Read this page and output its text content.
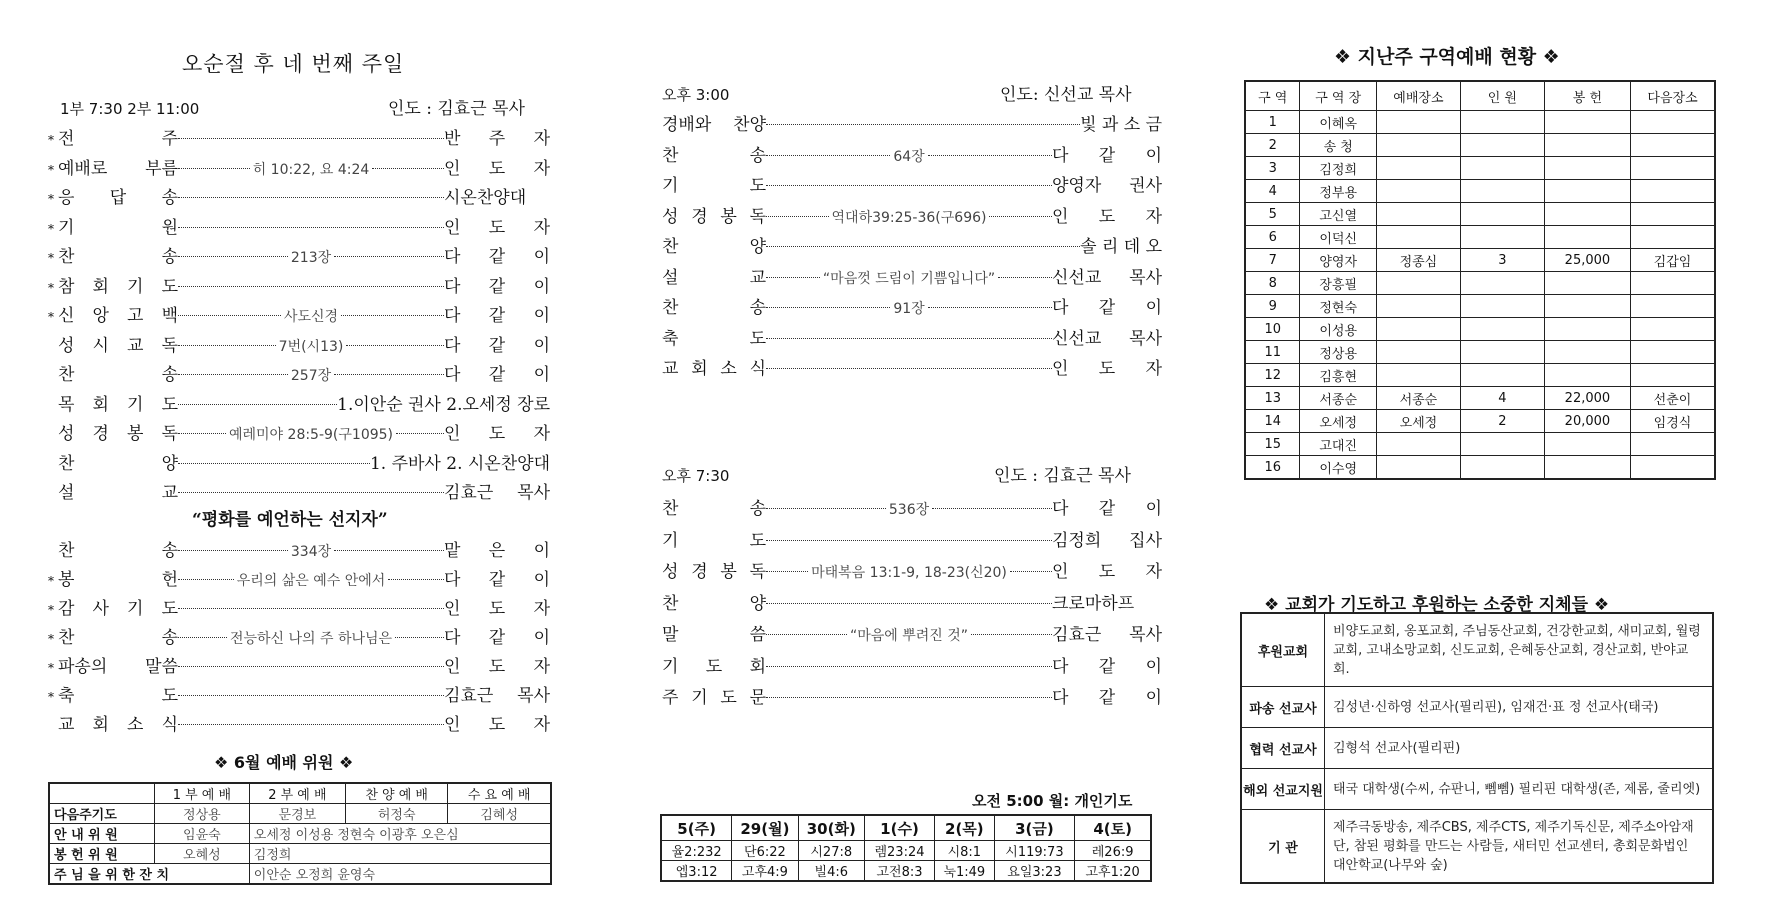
오순절 후 네 번째 주일
1부 7:30 2부 11:00	인도 : 김효근 목사
* 전 주	반 주 자
* 예배로 부름	히 10:22, 요 4:24	인 도 자
* 응 답 송	시온찬양대
* 기 원	인 도 자
* 찬 송	213장	다 같 이
* 참 회 기 도	다 같 이
* 신 앙 고 백	사도신경	다 같 이
성 시 교 독	7번(시13)	다 같 이
찬 송	257장	다 같 이
목 회 기 도	1.이안순 권사 2.오세정 장로
성 경 봉 독	예레미야 28:5-9(구1095)	인 도 자
찬 양	1. 주바사 2. 시온찬양대
설 교	김효근 목사
“평화를 예언하는 선지자”
찬 송	334장	맡 은 이
* 봉 헌	우리의 삶은 예수 안에서	다 같 이
* 감 사 기 도	인 도 자
* 찬 송	전능하신 나의 주 하나님은	다 같 이
* 파송의 말씀	인 도 자
* 축 도	김효근 목사
교 회 소 식	인 도 자
❖ 6월 예배 위원 ❖
	1 부 예 배	2 부 예 배	찬 양 예 배	수 요 예 배
다음주기도	정상용	문경보	허정숙	김혜성
안 내 위 원	임윤숙	오세정 이성용 정현숙 이광후 오은심		
봉 헌 위 원	오혜성	김정희		
주 님 을 위 한 잔 치		이안순 오정희 윤영숙		
오후 3:00	인도: 신선교 목사
경배와 찬양	빛 과 소 금
찬 송	64장	다 같 이
기 도	양영자 권사
성 경 봉 독	역대하39:25-36(구696)	인 도 자
찬 양	솔 리 데 오
설 교	“마음껏 드림이 기쁨입니다”	신선교 목사
찬 송	91장	다 같 이
축 도	신선교 목사
교 회 소 식	인 도 자
오후 7:30	인도 : 김효근 목사
찬 송	536장	다 같 이
기 도	김정희 집사
성 경 봉 독	마태복음 13:1-9, 18-23(신20)	인 도 자
찬 양	크로마하프
말 씀	“마음에 뿌려진 것”	김효근 목사
기 도 회	다 같 이
주 기 도 문	다 같 이
오전 5:00 월: 개인기도
5(주)	29(월)	30(화)	1(수)	2(목)	3(금)	4(토)
율2:232	단6:22	시27:8	렘23:24	시8:1	시119:73	레26:9
엡3:12	고후4:9	빌4:6	고전8:3	눅1:49	요일3:23	고후1:20
❖ 지난주 구역예배 현황 ❖
구 역	구 역 장	예배장소	인 원	봉 헌	다음장소
1	이혜옥				
2	송 청				
3	김정희				
4	정부용				
5	고신열				
6	이덕신				
7	양영자	정종심	3	25,000	김갑임
8	장흥필				
9	정현숙				
10	이성용				
11	정상용				
12	김흥현				
13	서종순	서종순	4	22,000	선춘이
14	오세정	오세정	2	20,000	임경식
15	고대진				
16	이수영				
❖ 교회가 기도하고 후원하는 소중한 지체들 ❖
후원교회	비양도교회, 옹포교회, 주님동산교회, 건강한교회, 새미교회, 월령교회, 고내소망교회, 신도교회, 은혜동산교회, 경산교회, 반야교회.
파송 선교사	김성년·신하영 선교사(필리핀), 임재건·표 정 선교사(태국)
협력 선교사	김형석 선교사(필리핀)
해외 선교지원	태국 대학생(수씨, 슈판니, 뻼뻼) 필리핀 대학생(존, 제롬, 줄리엣)
기 관	제주극동방송, 제주CBS, 제주CTS, 제주기독신문, 제주소아암재단, 참된 평화를 만드는 사람들, 새터민 선교센터, 총회문화법인 대안학교(나무와 숲)
